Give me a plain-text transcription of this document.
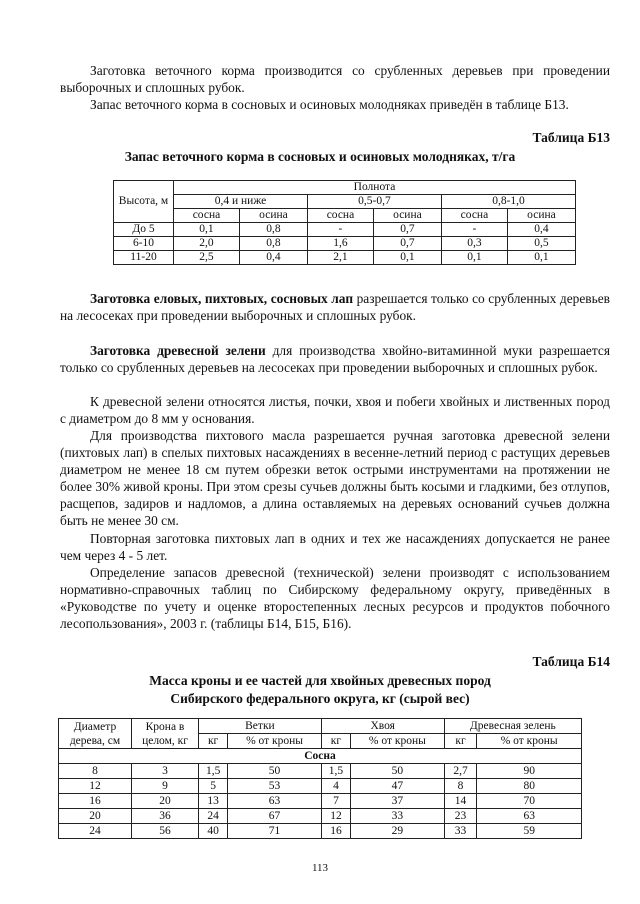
Заготовка веточного корма производится со срубленных деревьев при проведении выборочных и сплошных рубок.

Запас веточного корма в сосновых и осиновых молодняках приведён в таблице Б13.

Таблица Б13

Запас веточного корма в сосновых и осиновых молодняках, т/га

Высота, м	Полнота					
	0,4 и ниже		0,5-0,7		0,8-1,0	
	сосна	осина	сосна	осина	сосна	осина
До 5	0,1	0,8	-	0,7	-	0,4
6-10	2,0	0,8	1,6	0,7	0,3	0,5
11-20	2,5	0,4	2,1	0,1	0,1	0,1

Заготовка еловых, пихтовых, сосновых лап разрешается только со срубленных деревьев на лесосеках при проведении выборочных и сплошных рубок.

Заготовка древесной зелени для производства хвойно-витаминной муки разрешается только со срубленных деревьев на лесосеках при проведении выборочных и сплошных рубок.

К древесной зелени относятся листья, почки, хвоя и побеги хвойных и лиственных пород с диаметром до 8 мм у основания.

Для производства пихтового масла разрешается ручная заготовка древесной зелени (пихтовых лап) в спелых пихтовых насаждениях в весенне-летний период с растущих деревьев диаметром не менее 18 см путем обрезки веток острыми инструментами на протяжении не более 30% живой кроны. При этом срезы сучьев должны быть косыми и гладкими, без отлупов, расщепов, задиров и надломов, а длина оставляемых на деревьях оснований сучьев должна быть не менее 30 см.

Повторная заготовка пихтовых лап в одних и тех же насаждениях допускается не ранее чем через 4 - 5 лет.

Определение запасов древесной (технической) зелени производят с использованием нормативно-справочных таблиц по Сибирскому федеральному округу, приведённых в «Руководстве по учету и оценке второстепенных лесных ресурсов и продуктов побочного лесопользования», 2003 г. (таблицы Б14, Б15, Б16).

Таблица Б14

Масса кроны и ее частей для хвойных древесных пород

Сибирского федерального округа, кг (сырой вес)

Диаметр дерева, см	Крона в целом, кг	Ветки		Хвоя		Древесная зелень	
		кг	% от кроны	кг	% от кроны	кг	% от кроны
Сосна							
8	3	1,5	50	1,5	50	2,7	90
12	9	5	53	4	47	8	80
16	20	13	63	7	37	14	70
20	36	24	67	12	33	23	63
24	56	40	71	16	29	33	59
113
